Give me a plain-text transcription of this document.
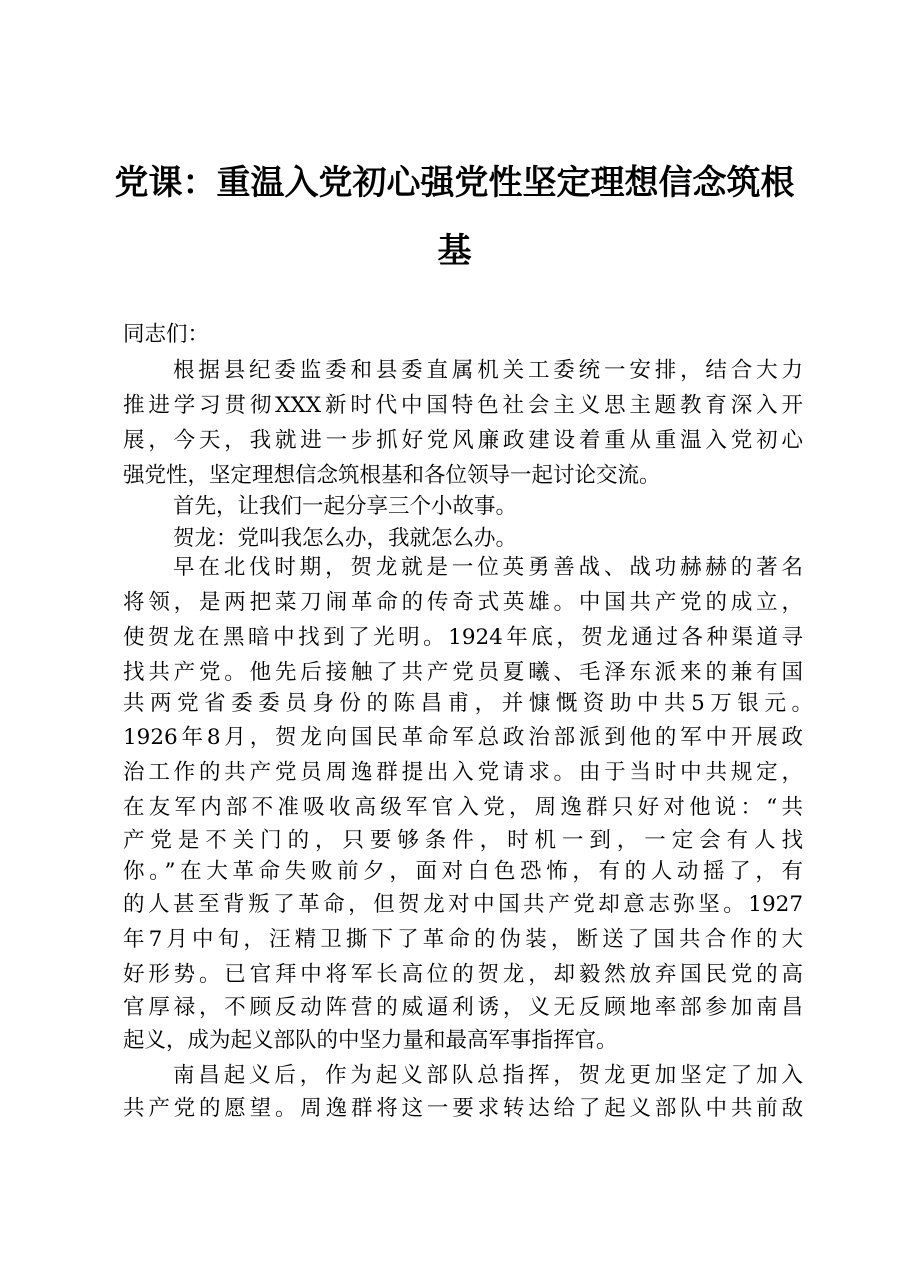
党课：重温入党初心强党性坚定理想信念筑根
基
同志们：
根据县纪委监委和县委直属机关工委统一安排，结合大力
推进学习贯彻XXX新时代中国特色社会主义思主题教育深入开
展，今天，我就进一步抓好党风廉政建设着重从重温入党初心
强党性，坚定理想信念筑根基和各位领导一起讨论交流。
首先，让我们一起分享三个小故事。
贺龙：党叫我怎么办，我就怎么办。
早在北伐时期，贺龙就是一位英勇善战、战功赫赫的著名
将领，是两把菜刀闹革命的传奇式英雄。中国共产党的成立，
使贺龙在黑暗中找到了光明。1924年底，贺龙通过各种渠道寻
找共产党。他先后接触了共产党员夏曦、毛泽东派来的兼有国
共两党省委委员身份的陈昌甫，并慷慨资助中共5万银元。
1926年8月，贺龙向国民革命军总政治部派到他的军中开展政
治工作的共产党员周逸群提出入党请求。由于当时中共规定，
在友军内部不准吸收高级军官入党，周逸群只好对他说：“共
产党是不关门的，只要够条件，时机一到，一定会有人找
你。”在大革命失败前夕，面对白色恐怖，有的人动摇了，有
的人甚至背叛了革命，但贺龙对中国共产党却意志弥坚。1927
年7月中旬，汪精卫撕下了革命的伪装，断送了国共合作的大
好形势。已官拜中将军长高位的贺龙，却毅然放弃国民党的高
官厚禄，不顾反动阵营的威逼利诱，义无反顾地率部参加南昌
起义，成为起义部队的中坚力量和最高军事指挥官。
南昌起义后，作为起义部队总指挥，贺龙更加坚定了加入
共产党的愿望。周逸群将这一要求转达给了起义部队中共前敌
